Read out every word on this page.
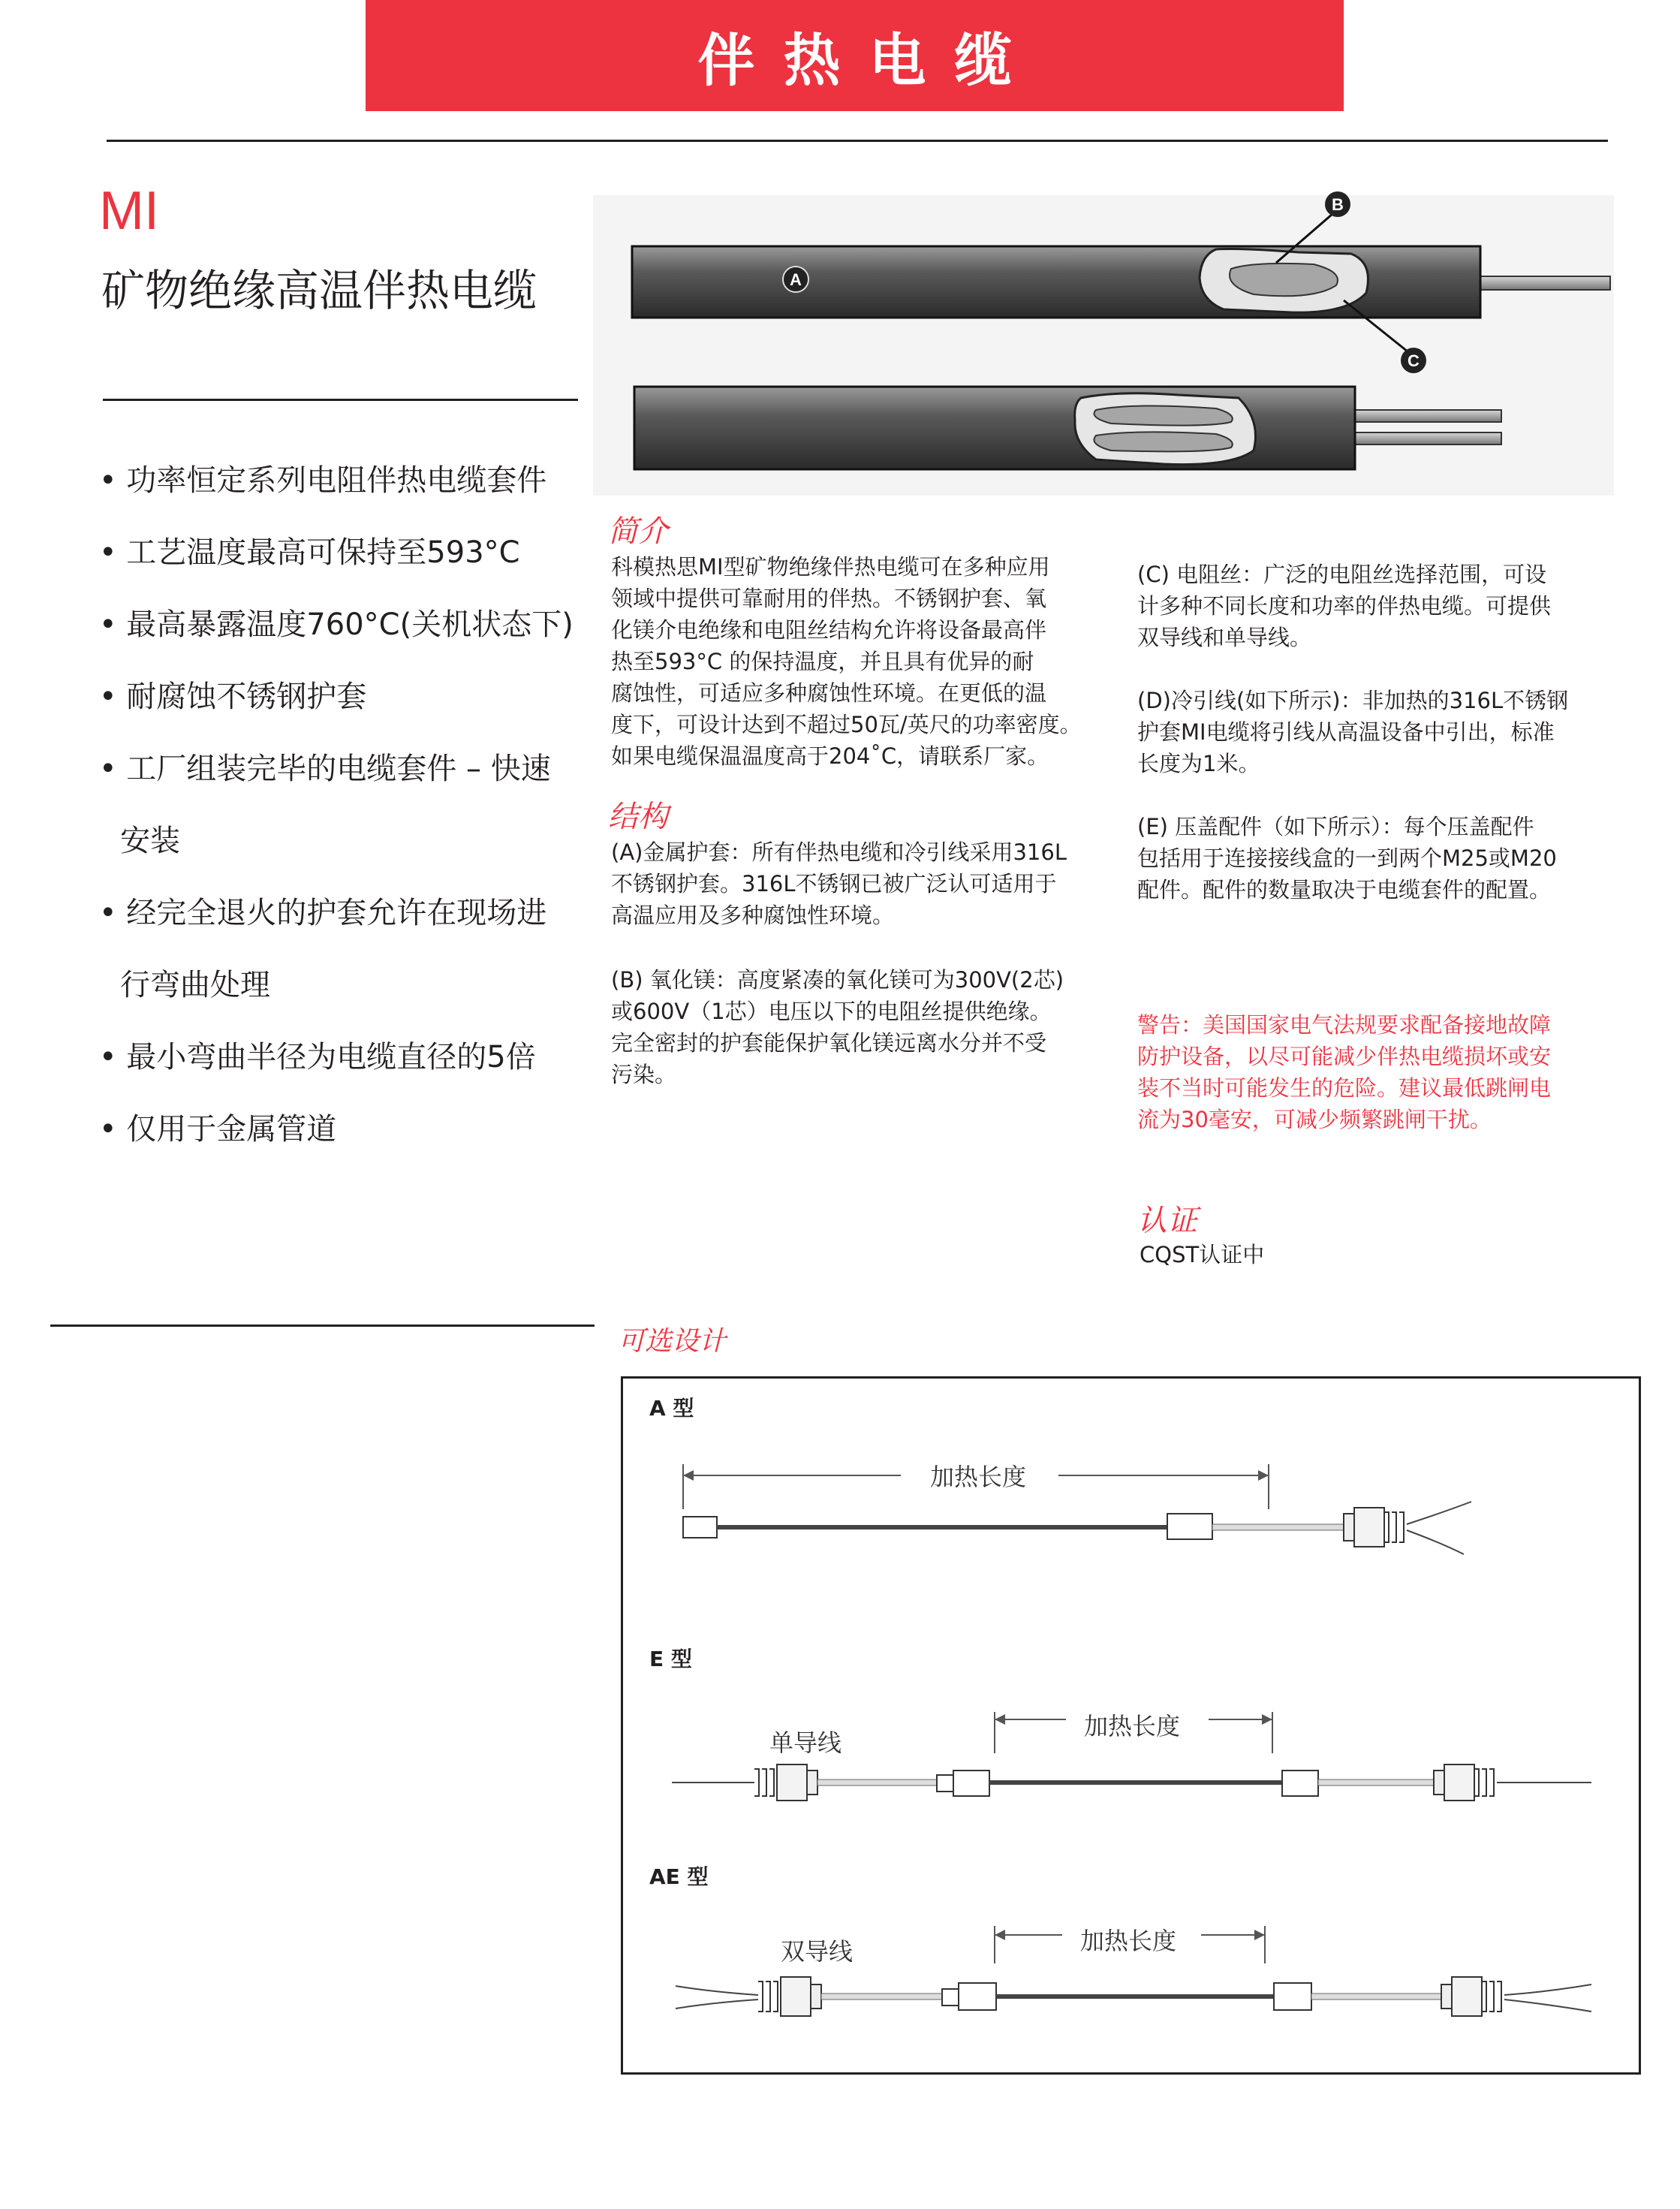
伴热电缆
MI
矿物绝缘高温伴热电缆
• 功率恒定系列电阻伴热电缆套件
• 工艺温度最高可保持至593°C
• 最高暴露温度760°C(关机状态下)
• 耐腐蚀不锈钢护套
• 工厂组装完毕的电缆套件 – 快速
安装
• 经完全退火的护套允许在现场进
行弯曲处理
• 最小弯曲半径为电缆直径的5倍
• 仅用于金属管道
A
B
C
简介
科模热思MI型矿物绝缘伴热电缆可在多种应用
领域中提供可靠耐用的伴热。不锈钢护套、氧
化镁介电绝缘和电阻丝结构允许将设备最高伴
热至593°C 的保持温度，并且具有优异的耐
腐蚀性，可适应多种腐蚀性环境。在更低的温
度下，可设计达到不超过50瓦/英尺的功率密度。
如果电缆保温温度高于204˚C，请联系厂家。
结构
(A)金属护套：所有伴热电缆和冷引线采用316L
不锈钢护套。316L不锈钢已被广泛认可适用于
高温应用及多种腐蚀性环境。
(B) 氧化镁：高度紧凑的氧化镁可为300V(2芯)
或600V（1芯）电压以下的电阻丝提供绝缘。
完全密封的护套能保护氧化镁远离水分并不受
污染。
(C) 电阻丝：广泛的电阻丝选择范围，可设
计多种不同长度和功率的伴热电缆。可提供
双导线和单导线。
(D)冷引线(如下所示)：非加热的316L不锈钢
护套MI电缆将引线从高温设备中引出，标准
长度为1米。
(E) 压盖配件（如下所示）：每个压盖配件
包括用于连接接线盒的一到两个M25或M20
配件。配件的数量取决于电缆套件的配置。
警告：美国国家电气法规要求配备接地故障
防护设备，以尽可能减少伴热电缆损坏或安
装不当时可能发生的危险。建议最低跳闸电
流为30毫安，可减少频繁跳闸干扰。
认证
CQST认证中
可选设计
A 型
加热长度
E 型
单导线
加热长度
AE 型
双导线	加热长度
